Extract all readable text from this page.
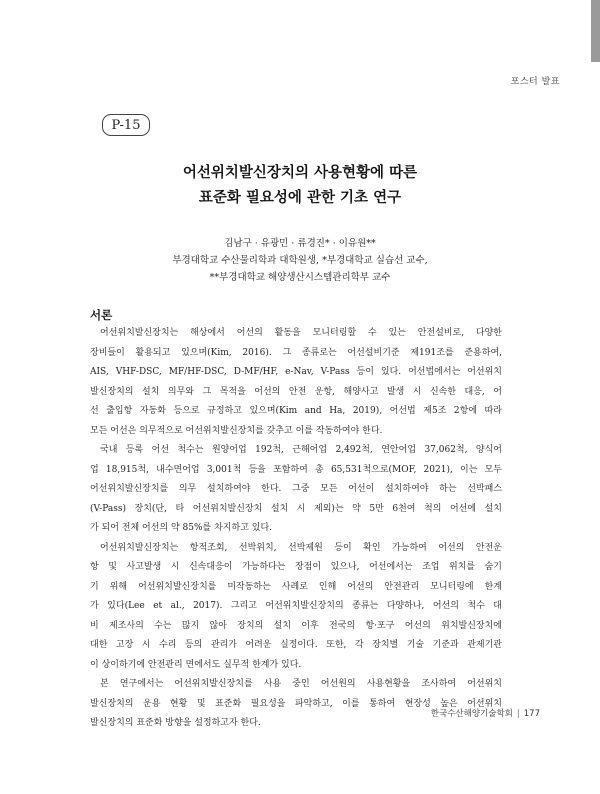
포스터 발표
P-15
어선위치발신장치의 사용현황에 따른
표준화 필요성에 관한 기초 연구
김남구 · 유광민 · 류경진* · 이유원**
부경대학교 수산물리학과 대학원생, *부경대학교 실습선 교수,
**부경대학교 해양생산시스템관리학부 교수
서론
어선위치발신장치는 해상에서 어선의 활동을 모니터링할 수 있는 안전설비로, 다양한
장비들이 활용되고 있으며(Kim, 2016). 그 종류로는 어선설비기준 제191조를 준용하여,
AIS, VHF-DSC, MF/HF-DSC, D-MF/HF, e-Nav, V-Pass 등이 있다. 어선법에서는 어선위치
발신장치의 설치 의무와 그 목적을 어선의 안전 운항, 해양사고 발생 시 신속한 대응, 어
선 출입항 자동화 등으로 규정하고 있으며(Kim and Ha, 2019), 어선법 제5조 2항에 따라
모든 어선은 의무적으로 어선위치발신장치를 갖추고 이를 작동하여야 한다.
국내 등록 어선 척수는 원양어업 192척, 근해어업 2,492척, 연안어업 37,062척, 양식어
업 18,915척, 내수면어업 3,001척 등을 포함하여 총 65,531척으로(MOF, 2021), 이는 모두
어선위치발신장치를 의무 설치하여야 한다. 그중 모든 어선이 설치하여야 하는 선박패스
(V-Pass) 장치(단, 타 어선위치발신장치 설치 시 제외)는 약 5만 6천여 척의 어선에 설치
가 되어 전체 어선의 약 85%를 차지하고 있다.
어선위치발신장치는 항적조회, 선박위치, 선박제원 등이 확인 가능하여 어선의 안전운
항 및 사고발생 시 신속대응이 가능하다는 장점이 있으나, 어선에서는 조업 위치를 숨기
기 위해 어선위치발신장치를 미작동하는 사례로 인해 어선의 안전관리 모니터링에 한계
가 있다(Lee et al., 2017). 그리고 어선위치발신장치의 종류는 다양하나, 어선의 척수 대
비 제조사의 수는 많지 않아 장치의 설치 이후 전국의 항·포구 어선의 위치발신장치에
대한 고장 시 수리 등의 관리가 어려운 실정이다. 또한, 각 장치별 기술 기준과 관제기관
이 상이하기에 안전관리 면에서도 실무적 한계가 있다.
본 연구에서는 어선위치발신장치를 사용 중인 어선원의 사용현황을 조사하여 어선위치
발신장치의 운용 현황 및 표준화 필요성을 파악하고, 이를 통하여 현장성 높은 어선위치
발신장치의 표준화 방향을 설정하고자 한다.
한국수산해양기술학회 | 177
